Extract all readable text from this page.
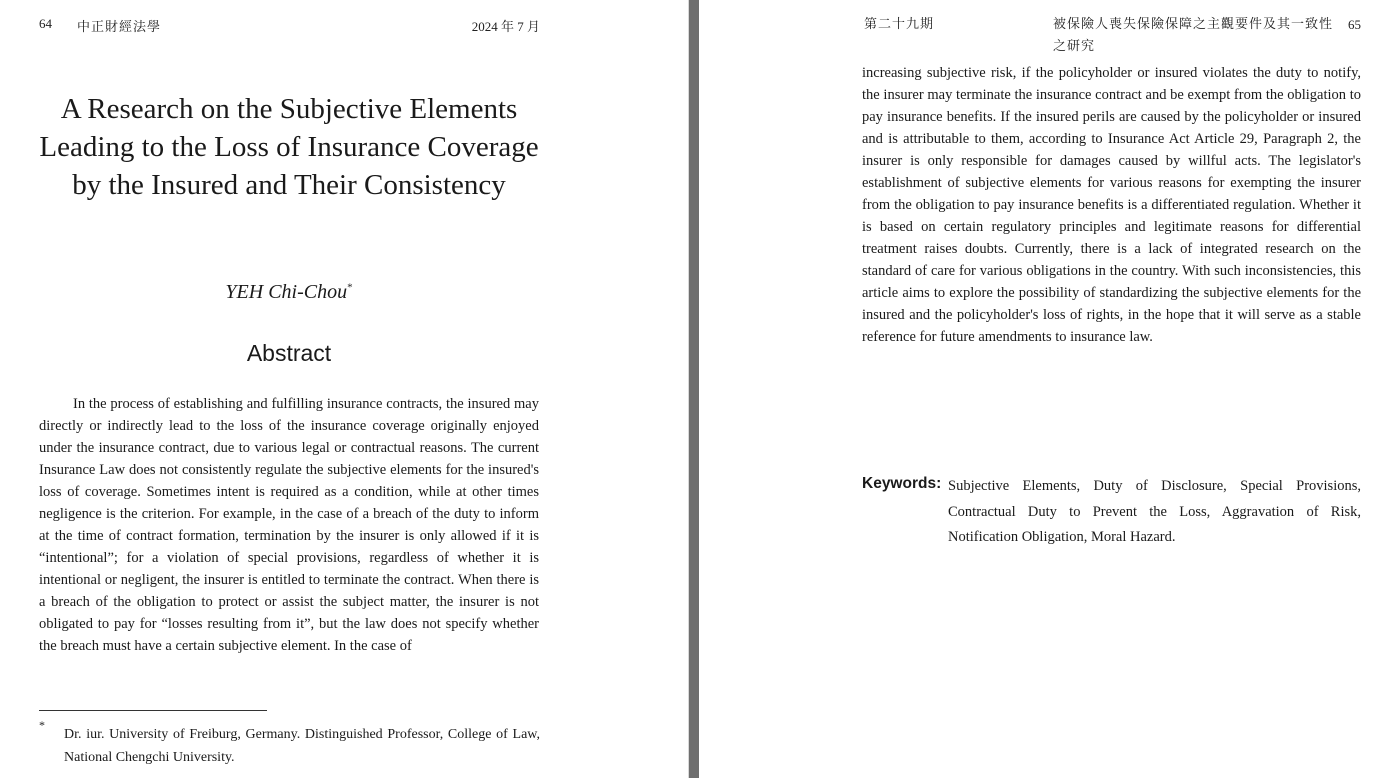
64 中正財經法學	2024 年 7 月
A Research on the Subjective Elements Leading to the Loss of Insurance Coverage by the Insured and Their Consistency
YEH Chi-Chou*
Abstract

In the process of establishing and fulfilling insurance contracts, the insured may directly or indirectly lead to the loss of the insurance coverage originally enjoyed under the insurance contract, due to various legal or contractual reasons. The current Insurance Law does not consistently regulate the subjective elements for the insured's loss of coverage. Sometimes intent is required as a condition, while at other times negligence is the criterion. For example, in the case of a breach of the duty to inform at the time of contract formation, termination by the insurer is only allowed if it is “intentional”; for a violation of special provisions, regardless of whether it is intentional or negligent, the insurer is entitled to terminate the contract. When there is a breach of the obligation to protect or assist the subject matter, the insurer is not obligated to pay for “losses resulting from it”, but the law does not specify whether the breach must have a certain subjective element. In the case of

*
Dr. iur. University of Freiburg, Germany. Distinguished Professor, College of Law, National Chengchi University.
第二十九期	被保險人喪失保險保障之主觀要件及其一致性之研究
65

increasing subjective risk, if the policyholder or insured violates the duty to notify, the insurer may terminate the insurance contract and be exempt from the obligation to pay insurance benefits. If the insured perils are caused by the policyholder or insured and is attributable to them, according to Insurance Act Article 29, Paragraph 2, the insurer is only responsible for damages caused by willful acts. The legislator's establishment of subjective elements for various reasons for exempting the insurer from the obligation to pay insurance benefits is a differentiated regulation. Whether it is based on certain regulatory principles and legitimate reasons for differential treatment raises doubts. Currently, there is a lack of integrated research on the standard of care for various obligations in the country. With such inconsistencies, this article aims to explore the possibility of standardizing the subjective elements for the insured and the policyholder's loss of rights, in the hope that it will serve as a stable reference for future amendments to insurance law.

Keywords: Subjective Elements, Duty of Disclosure, Special Provisions, Contractual Duty to Prevent the Loss, Aggravation of Risk, Notification Obligation, Moral Hazard.
